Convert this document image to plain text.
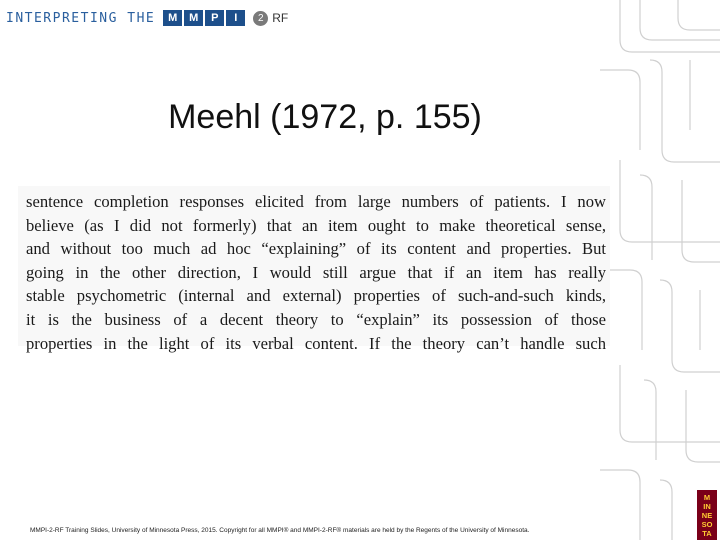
INTERPRETING THE	M	M	P	I	2 RF
Meehl (1972, p. 155)
sentence completion responses elicited from large numbers of patients. I now
believe (as I did not formerly) that an item ought to make theoretical sense,
and without too much ad hoc “explaining” of its content and properties. But
going in the other direction, I would still argue that if an item has really
stable psychometric (internal and external) properties of such-and-such kinds,
it is the business of a decent theory to “explain” its possession of those
properties in the light of its verbal content. If the theory can’t handle such
MMPI-2-RF Training Slides, University of Minnesota Press, 2015. Copyright for all MMPI® and MMPI-2-RF® materials are held by the Regents of the University of Minnesota.
M
IN
NE
SO
TA
